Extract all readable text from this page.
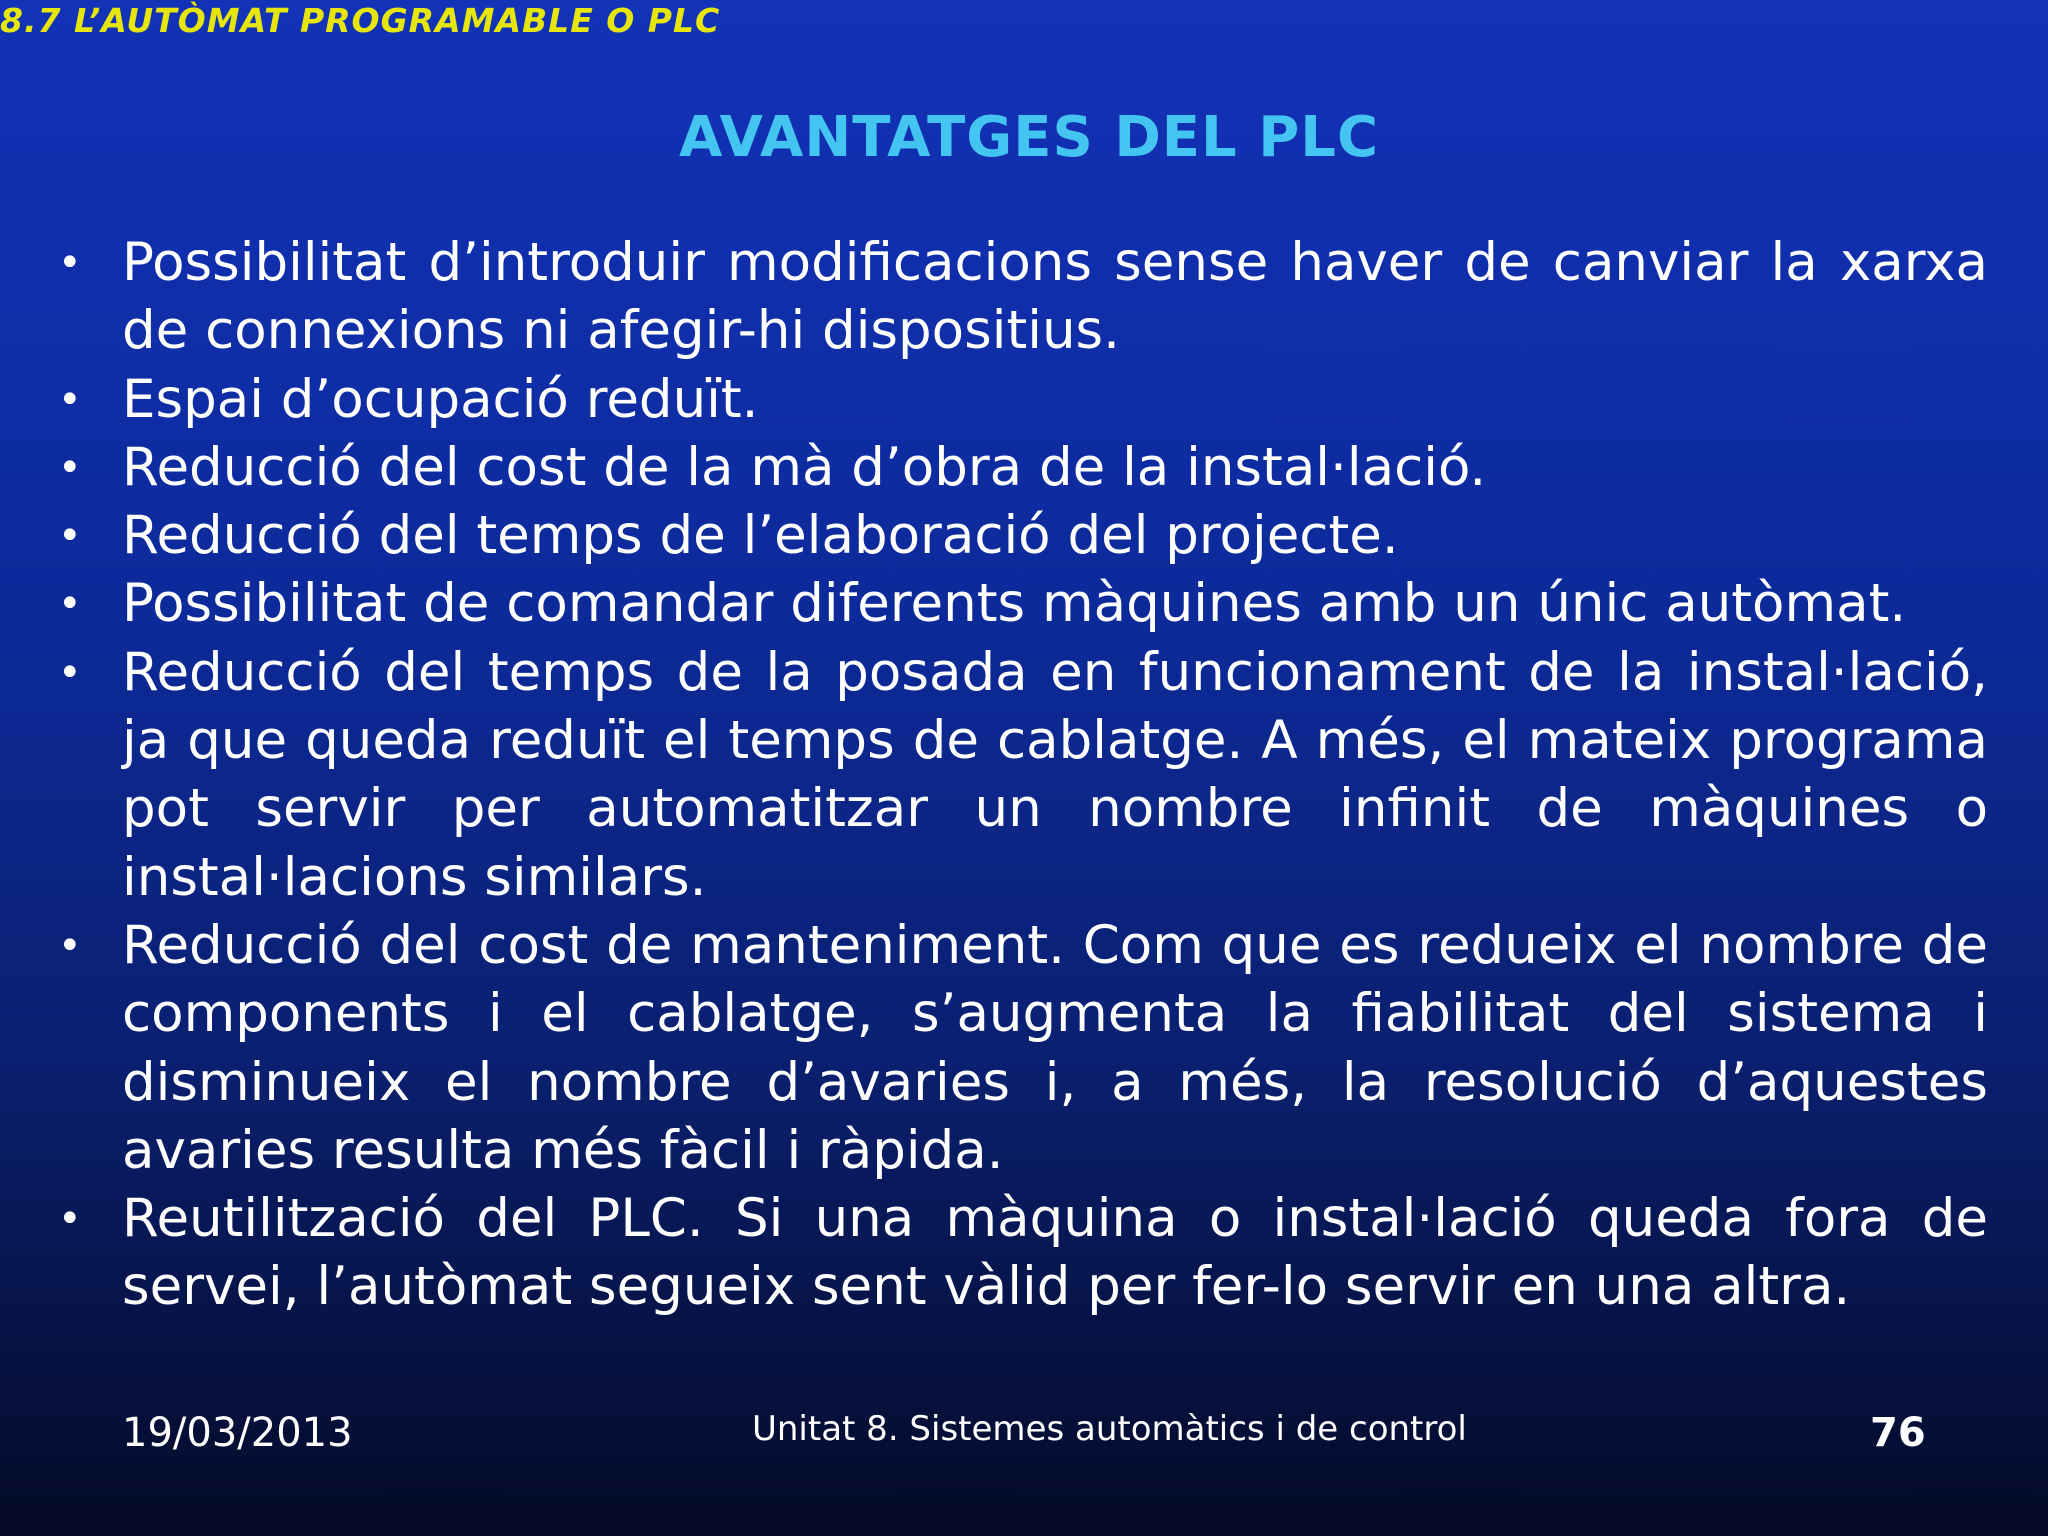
8.7 L’AUTÒMAT PROGRAMABLE O PLC
AVANTATGES DEL PLC
• Possibilitat d’introduir modificacions sense haver de canviar la xarxa de connexions ni afegir-hi dispositius.
• Espai d’ocupació reduït.
• Reducció del cost de la mà d’obra de la instal·lació.
• Reducció del temps de l’elaboració del projecte.
• Possibilitat de comandar diferents màquines amb un únic autòmat.
• Reducció del temps de la posada en funcionament de la instal·lació, ja que queda reduït el temps de cablatge. A més, el mateix programa pot servir per automatitzar un nombre infinit de màquines o instal·lacions similars.
• Reducció del cost de manteniment. Com que es redueix el nombre de components i el cablatge, s’augmenta la fiabilitat del sistema i disminueix el nombre d’avaries i, a més, la resolució d’aquestes avaries resulta més fàcil i ràpida.
• Reutilització del PLC. Si una màquina o instal·lació queda fora de servei, l’autòmat segueix sent vàlid per fer-lo servir en una altra.
19/03/2013	Unitat 8. Sistemes automàtics i de control	76
